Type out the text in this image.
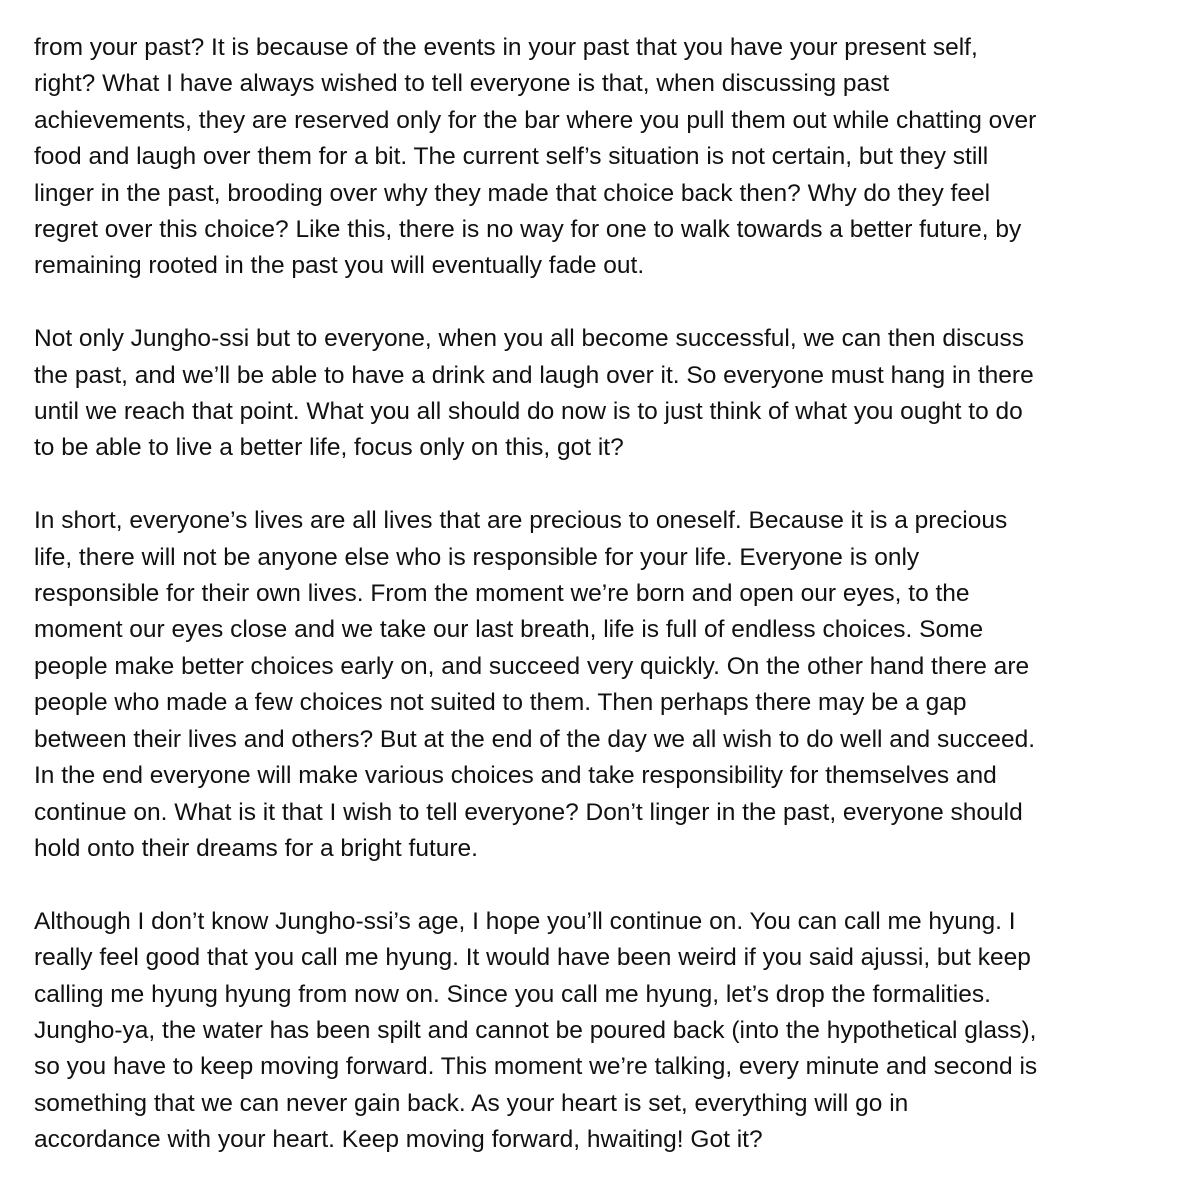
from your past? It is because of the events in your past that you have your present self,
right? What I have always wished to tell everyone is that, when discussing past
achievements, they are reserved only for the bar where you pull them out while chatting over
food and laugh over them for a bit. The current self’s situation is not certain, but they still
linger in the past, brooding over why they made that choice back then? Why do they feel
regret over this choice? Like this, there is no way for one to walk towards a better future, by
remaining rooted in the past you will eventually fade out.

Not only Jungho-ssi but to everyone, when you all become successful, we can then discuss
the past, and we’ll be able to have a drink and laugh over it. So everyone must hang in there
until we reach that point. What you all should do now is to just think of what you ought to do
to be able to live a better life, focus only on this, got it?

In short, everyone’s lives are all lives that are precious to oneself. Because it is a precious
life, there will not be anyone else who is responsible for your life. Everyone is only
responsible for their own lives. From the moment we’re born and open our eyes, to the
moment our eyes close and we take our last breath, life is full of endless choices. Some
people make better choices early on, and succeed very quickly. On the other hand there are
people who made a few choices not suited to them. Then perhaps there may be a gap
between their lives and others? But at the end of the day we all wish to do well and succeed.
In the end everyone will make various choices and take responsibility for themselves and
continue on. What is it that I wish to tell everyone? Don’t linger in the past, everyone should
hold onto their dreams for a bright future.

Although I don’t know Jungho-ssi’s age, I hope you’ll continue on. You can call me hyung. I
really feel good that you call me hyung. It would have been weird if you said ajussi, but keep
calling me hyung hyung from now on. Since you call me hyung, let’s drop the formalities.
Jungho-ya, the water has been spilt and cannot be poured back (into the hypothetical glass),
so you have to keep moving forward. This moment we’re talking, every minute and second is
something that we can never gain back. As your heart is set, everything will go in
accordance with your heart. Keep moving forward, hwaiting! Got it?
